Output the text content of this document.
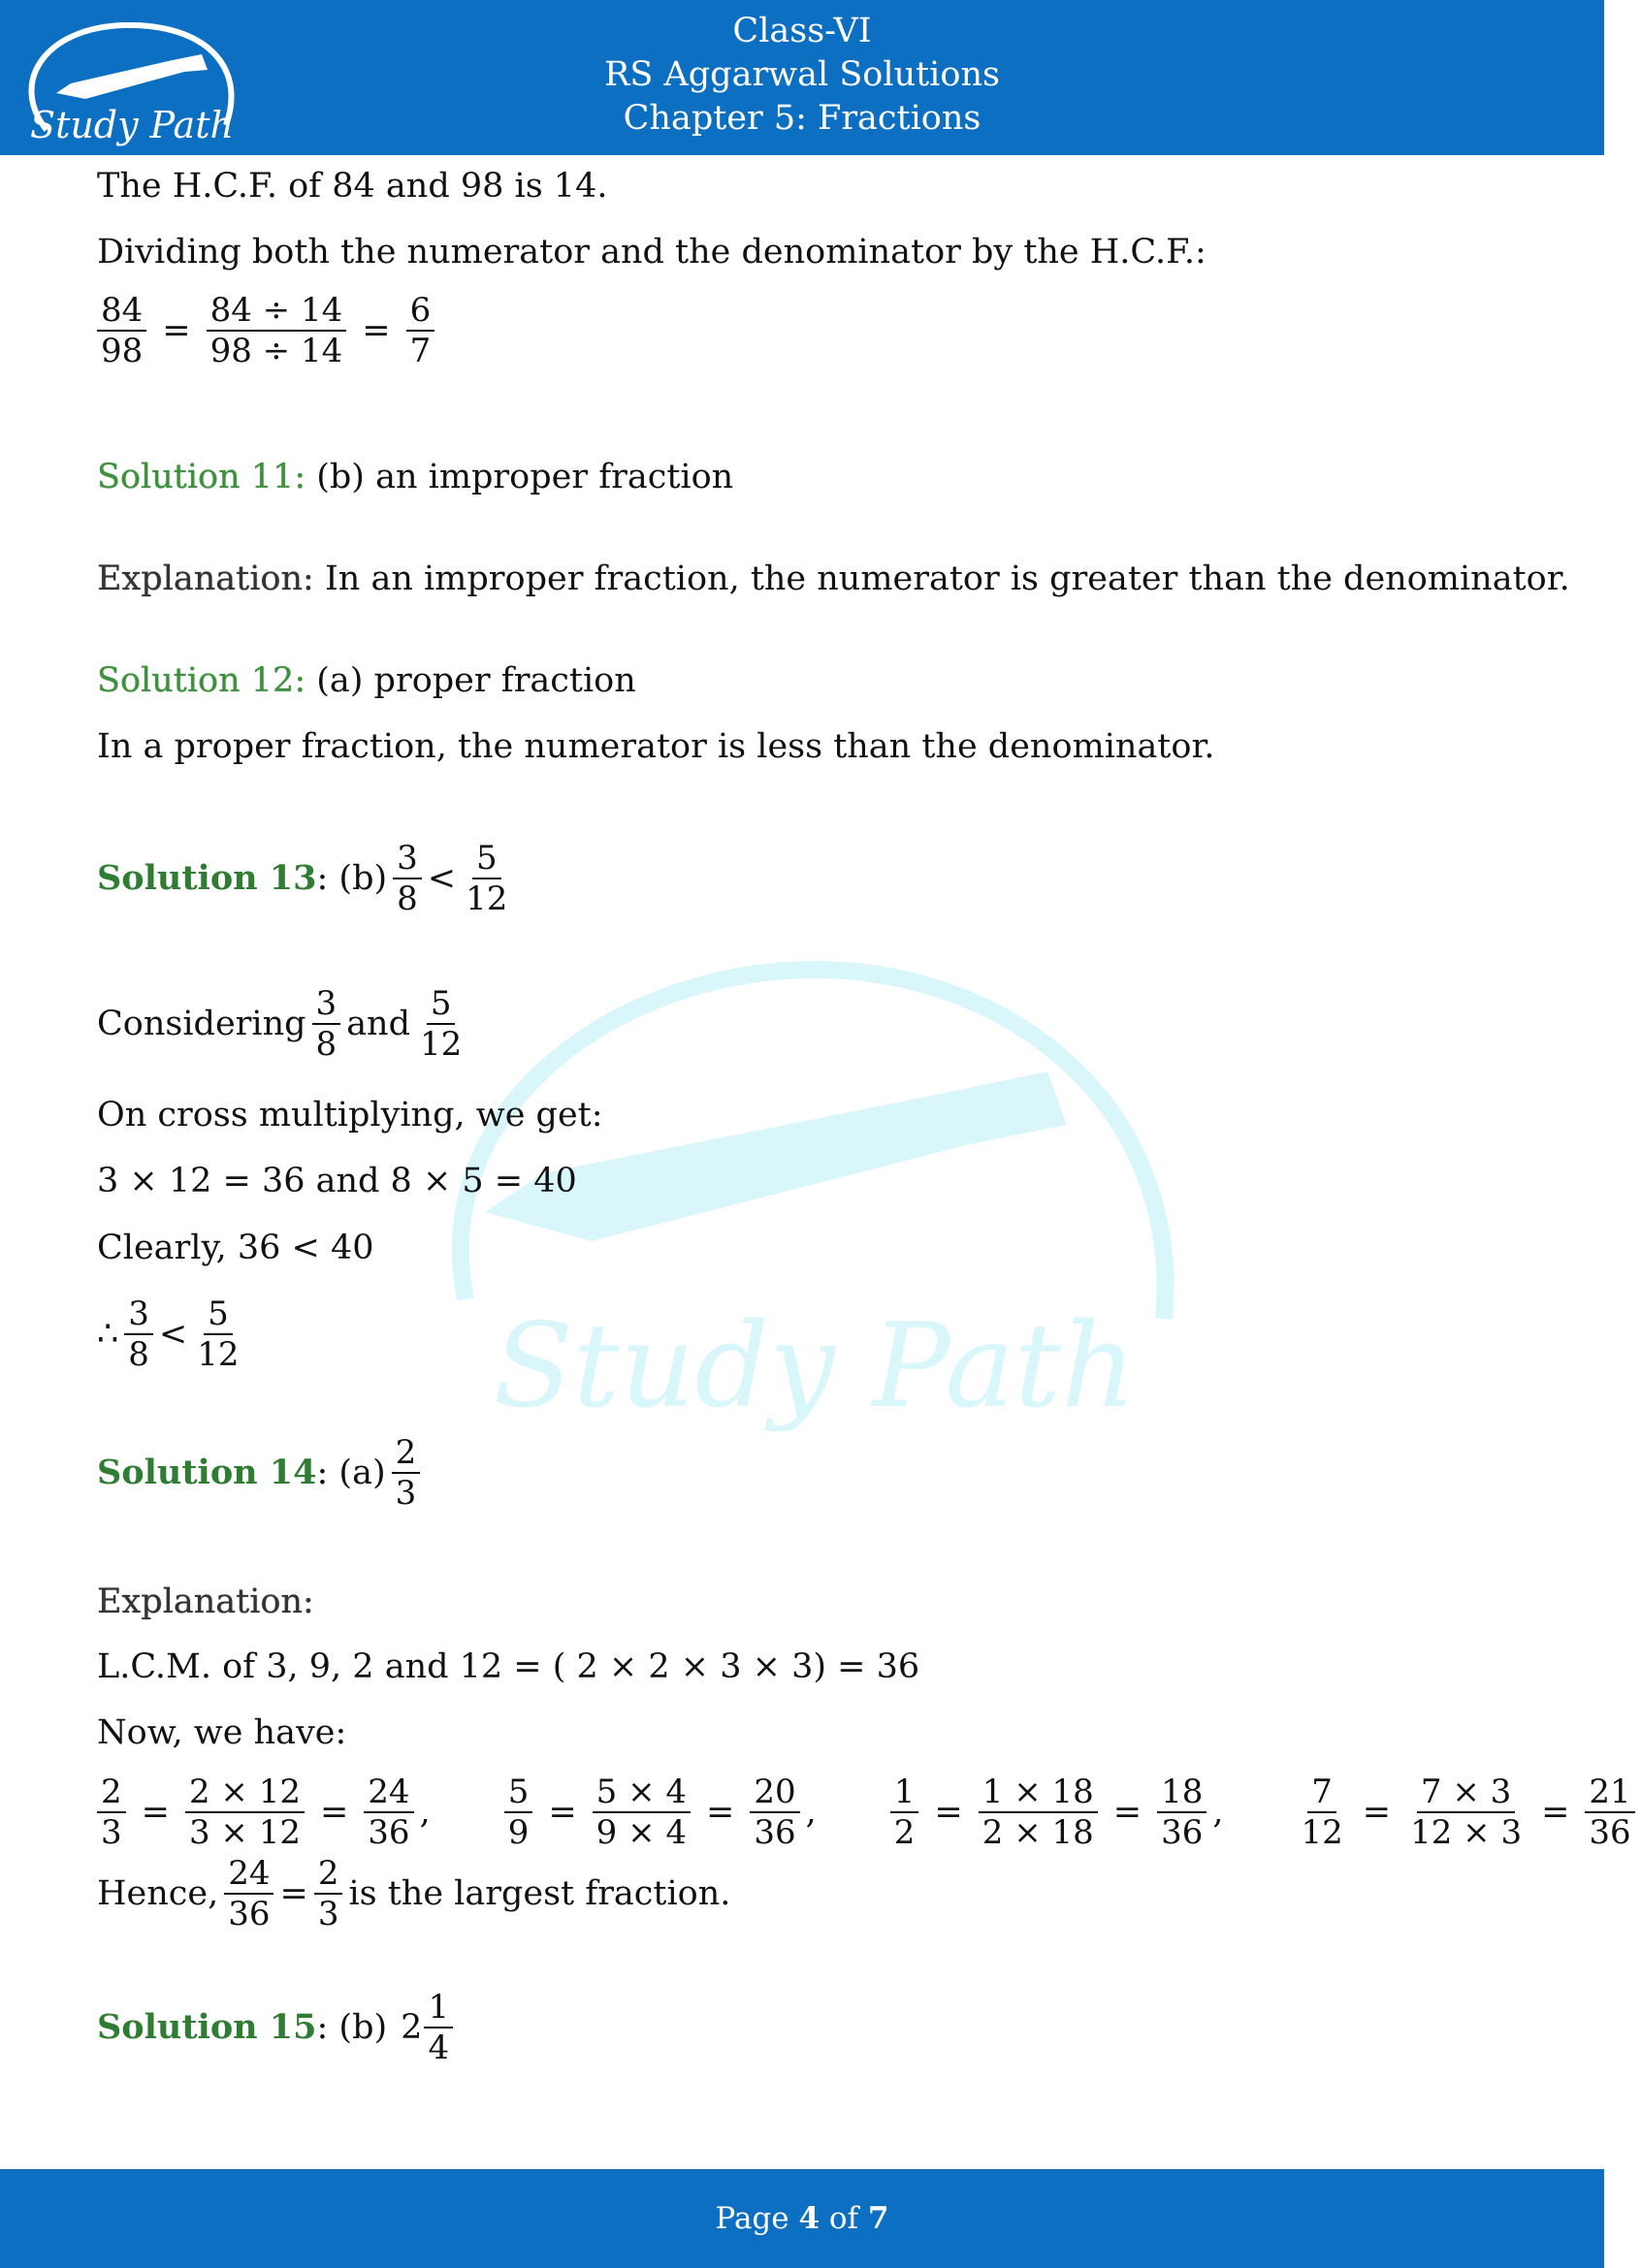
Study Path
Class-VI
RS Aggarwal Solutions
Chapter 5: Fractions
Study Path
The H.C.F. of 84 and 98 is 14.
Dividing both the numerator and the denominator by the H.C.F.:
$\frac{84}{98} = \frac{84 \div 14}{98 \div 14} = \frac{6}{7}$
Solution 11: (b) an improper fraction
Explanation: In an improper fraction, the numerator is greater than the denominator.
Solution 12: (a) proper fraction
In a proper fraction, the numerator is less than the denominator.
Solution 13 : $(b) \frac{3}{8} < \frac{5}{12}$
Considering $\frac{3}{8}$ and $\frac{5}{12}$
On cross multiplying, we get:
3 × 12 = 36 and 8 × 5 = 40
Clearly, 36 < 40
∴ $\frac{3}{8} < \frac{5}{12}$
Solution 14 : $(a) \frac{2}{3}$
Explanation:
L.C.M. of 3, 9, 2 and 12 = ( 2 × 2 × 3 × 3) = 36
Now, we have:
$\frac{2}{3} = \frac{2 \times 12}{3 \times 12} = \frac{24}{36}$ , $\frac{5}{9} = \frac{5 \times 4}{9 \times 4} = \frac{20}{36}$ , $\frac{1}{2} = \frac{1 \times 18}{2 \times 18} = \frac{18}{36}$ , $\frac{7}{12} = \frac{7 \times 3}{12 \times 3} = \frac{21}{36}$
Hence, $\frac{24}{36} = \frac{2}{3}$ is the largest fraction.
Solution 15 : (b) $2 \frac{1}{4}$
Page 4 of 7
